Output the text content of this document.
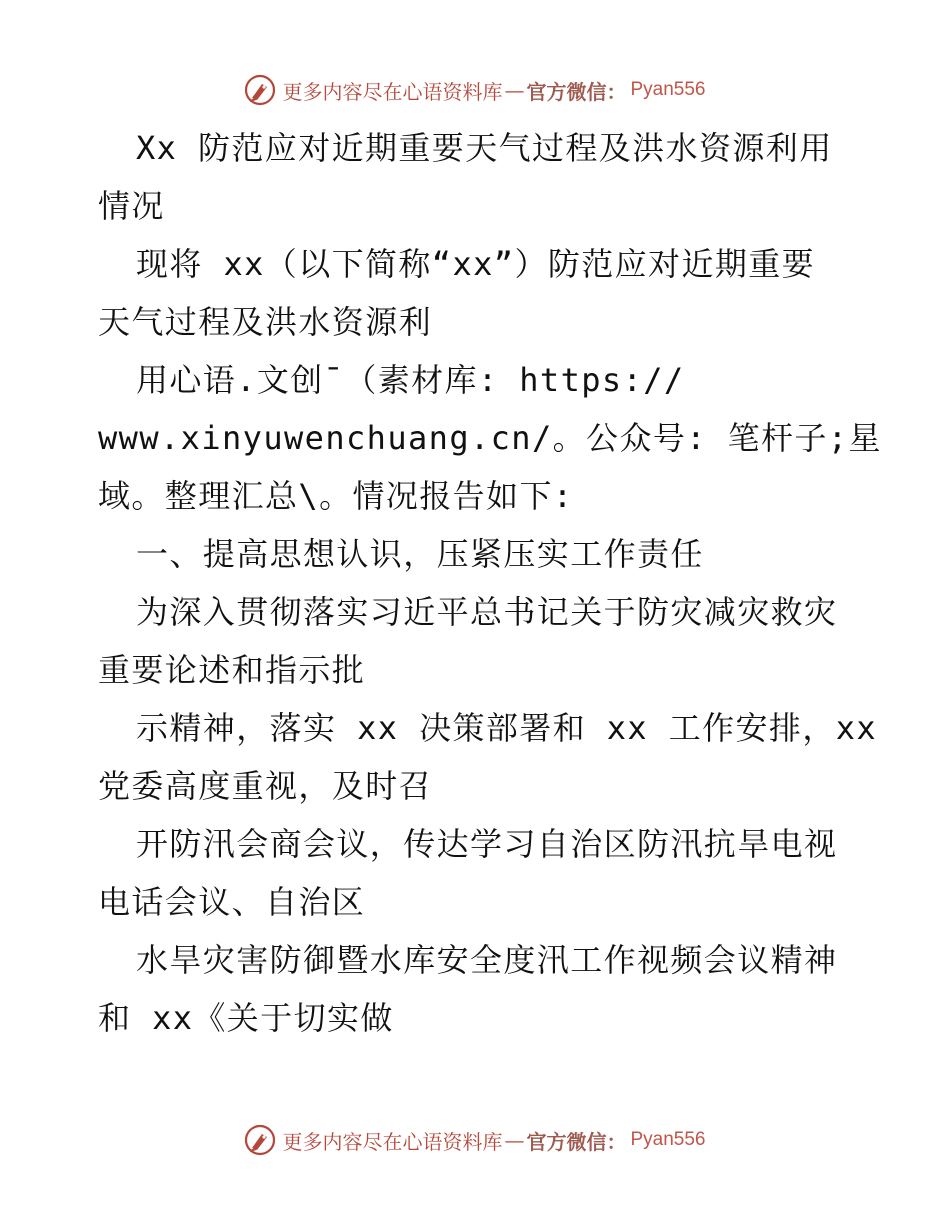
更多内容尽在心语资料库 — 官方微信： Pyan556
Xx 防范应对近期重要天气过程及洪水资源利用
情况
现将 xx（以下简称“xx”）防范应对近期重要
天气过程及洪水资源利
用心语.文创¯（素材库: https://
www.xinyuwenchuang.cn/。公众号: 笔杆子;星
域。整理汇总\。情况报告如下:
一、提高思想认识，压紧压实工作责任
为深入贯彻落实习近平总书记关于防灾减灾救灾
重要论述和指示批
示精神，落实 xx 决策部署和 xx 工作安排，xx
党委高度重视，及时召
开防汛会商会议，传达学习自治区防汛抗旱电视
电话会议、自治区
水旱灾害防御暨水库安全度汛工作视频会议精神
和 xx《关于切实做
更多内容尽在心语资料库 — 官方微信： Pyan556
